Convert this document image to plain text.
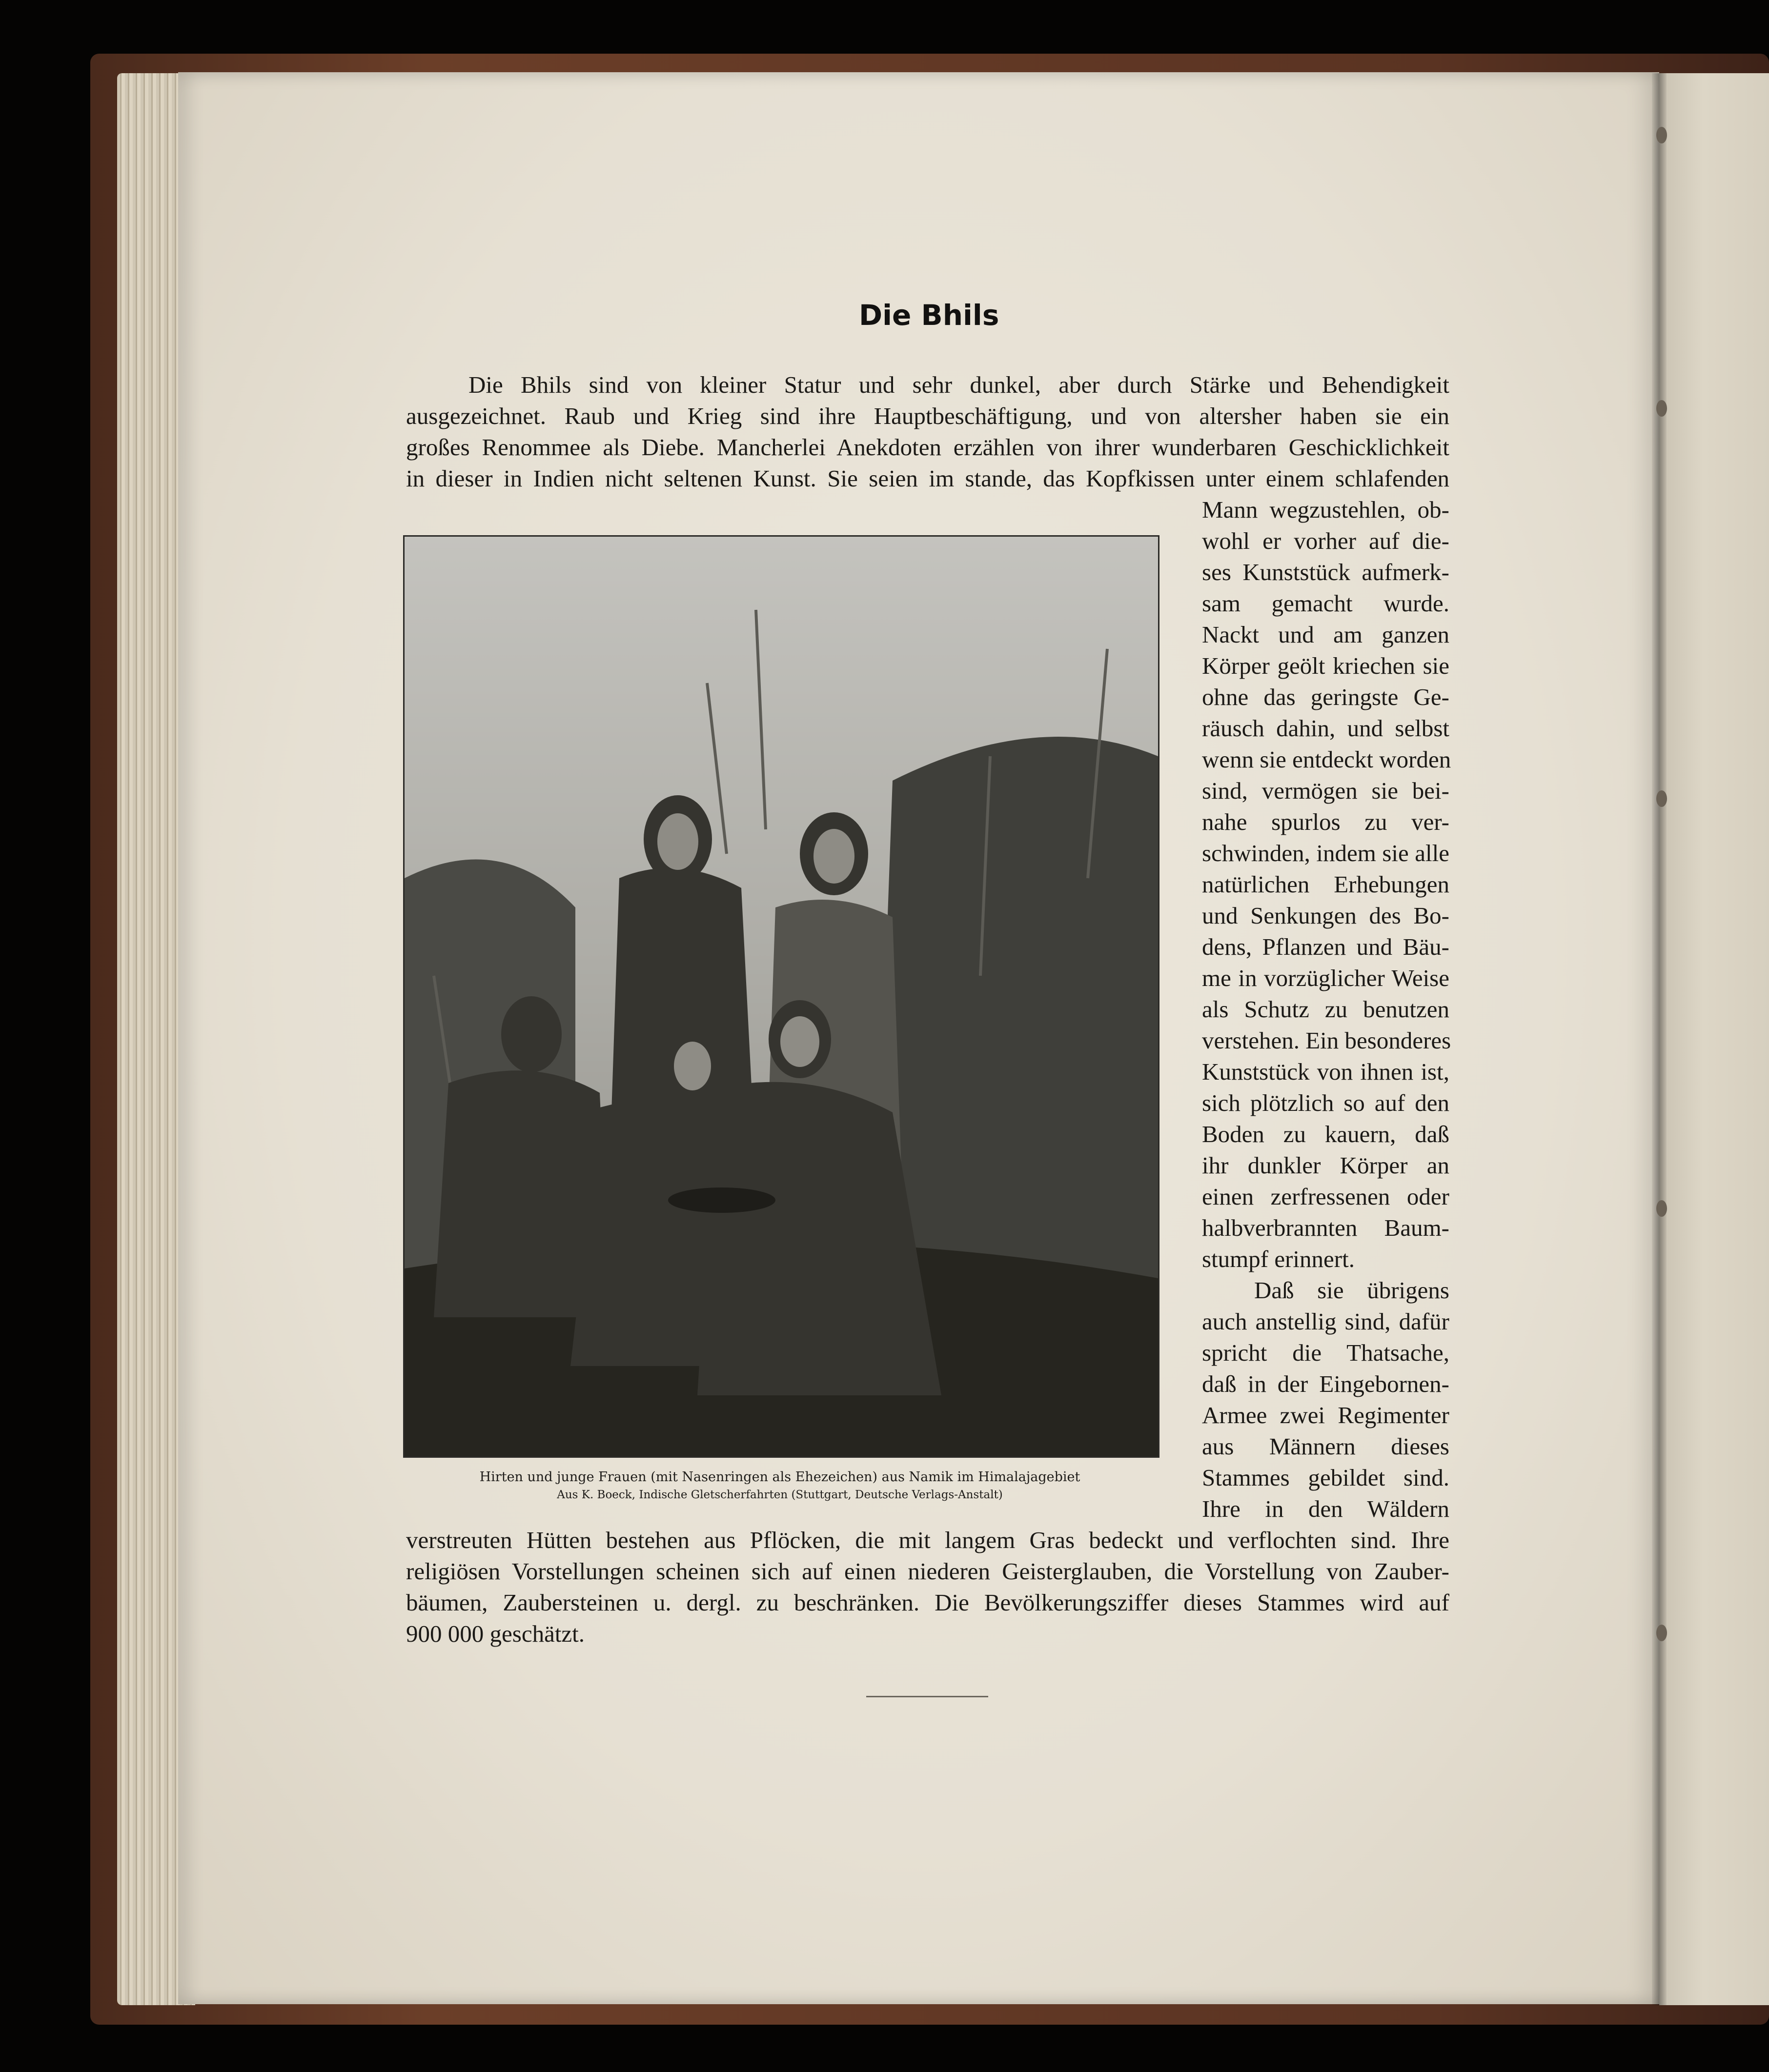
Die Bhils
Die Bhils sind von kleiner Statur und sehr dunkel, aber durch Stärke und Behendigkeit
ausgezeichnet. Raub und Krieg sind ihre Hauptbeschäftigung, und von altersher haben sie ein
großes Renommee als Diebe. Mancherlei Anekdoten erzählen von ihrer wunderbaren Geschicklichkeit
in dieser in Indien nicht seltenen Kunst. Sie seien im stande, das Kopfkissen unter einem schlafenden
Hirten und junge Frauen (mit Nasenringen als Ehezeichen) aus Namik im Himalajagebiet
Aus K. Boeck, Indische Gletscherfahrten (Stuttgart, Deutsche Verlags-Anstalt)
Mann wegzustehlen, ob-
wohl er vorher auf die-
ses Kunststück aufmerk-
sam gemacht wurde.
Nackt und am ganzen
Körper geölt kriechen sie
ohne das geringste Ge-
räusch dahin, und selbst
wenn sie entdeckt worden
sind, vermögen sie bei-
nahe spurlos zu ver-
schwinden, indem sie alle
natürlichen Erhebungen
und Senkungen des Bo-
dens, Pflanzen und Bäu-
me in vorzüglicher Weise
als Schutz zu benutzen
verstehen. Ein besonderes
Kunststück von ihnen ist,
sich plötzlich so auf den
Boden zu kauern, daß
ihr dunkler Körper an
einen zerfressenen oder
halbverbrannten Baum-
stumpf erinnert.
Daß sie übrigens
auch anstellig sind, dafür
spricht die Thatsache,
daß in der Eingebornen-
Armee zwei Regimenter
aus Männern dieses
Stammes gebildet sind.
Ihre in den Wäldern
verstreuten Hütten bestehen aus Pflöcken, die mit langem Gras bedeckt und verflochten sind. Ihre
religiösen Vorstellungen scheinen sich auf einen niederen Geisterglauben, die Vorstellung von Zauber-
bäumen, Zaubersteinen u. dergl. zu beschränken. Die Bevölkerungsziffer dieses Stammes wird auf
900 000 geschätzt.
